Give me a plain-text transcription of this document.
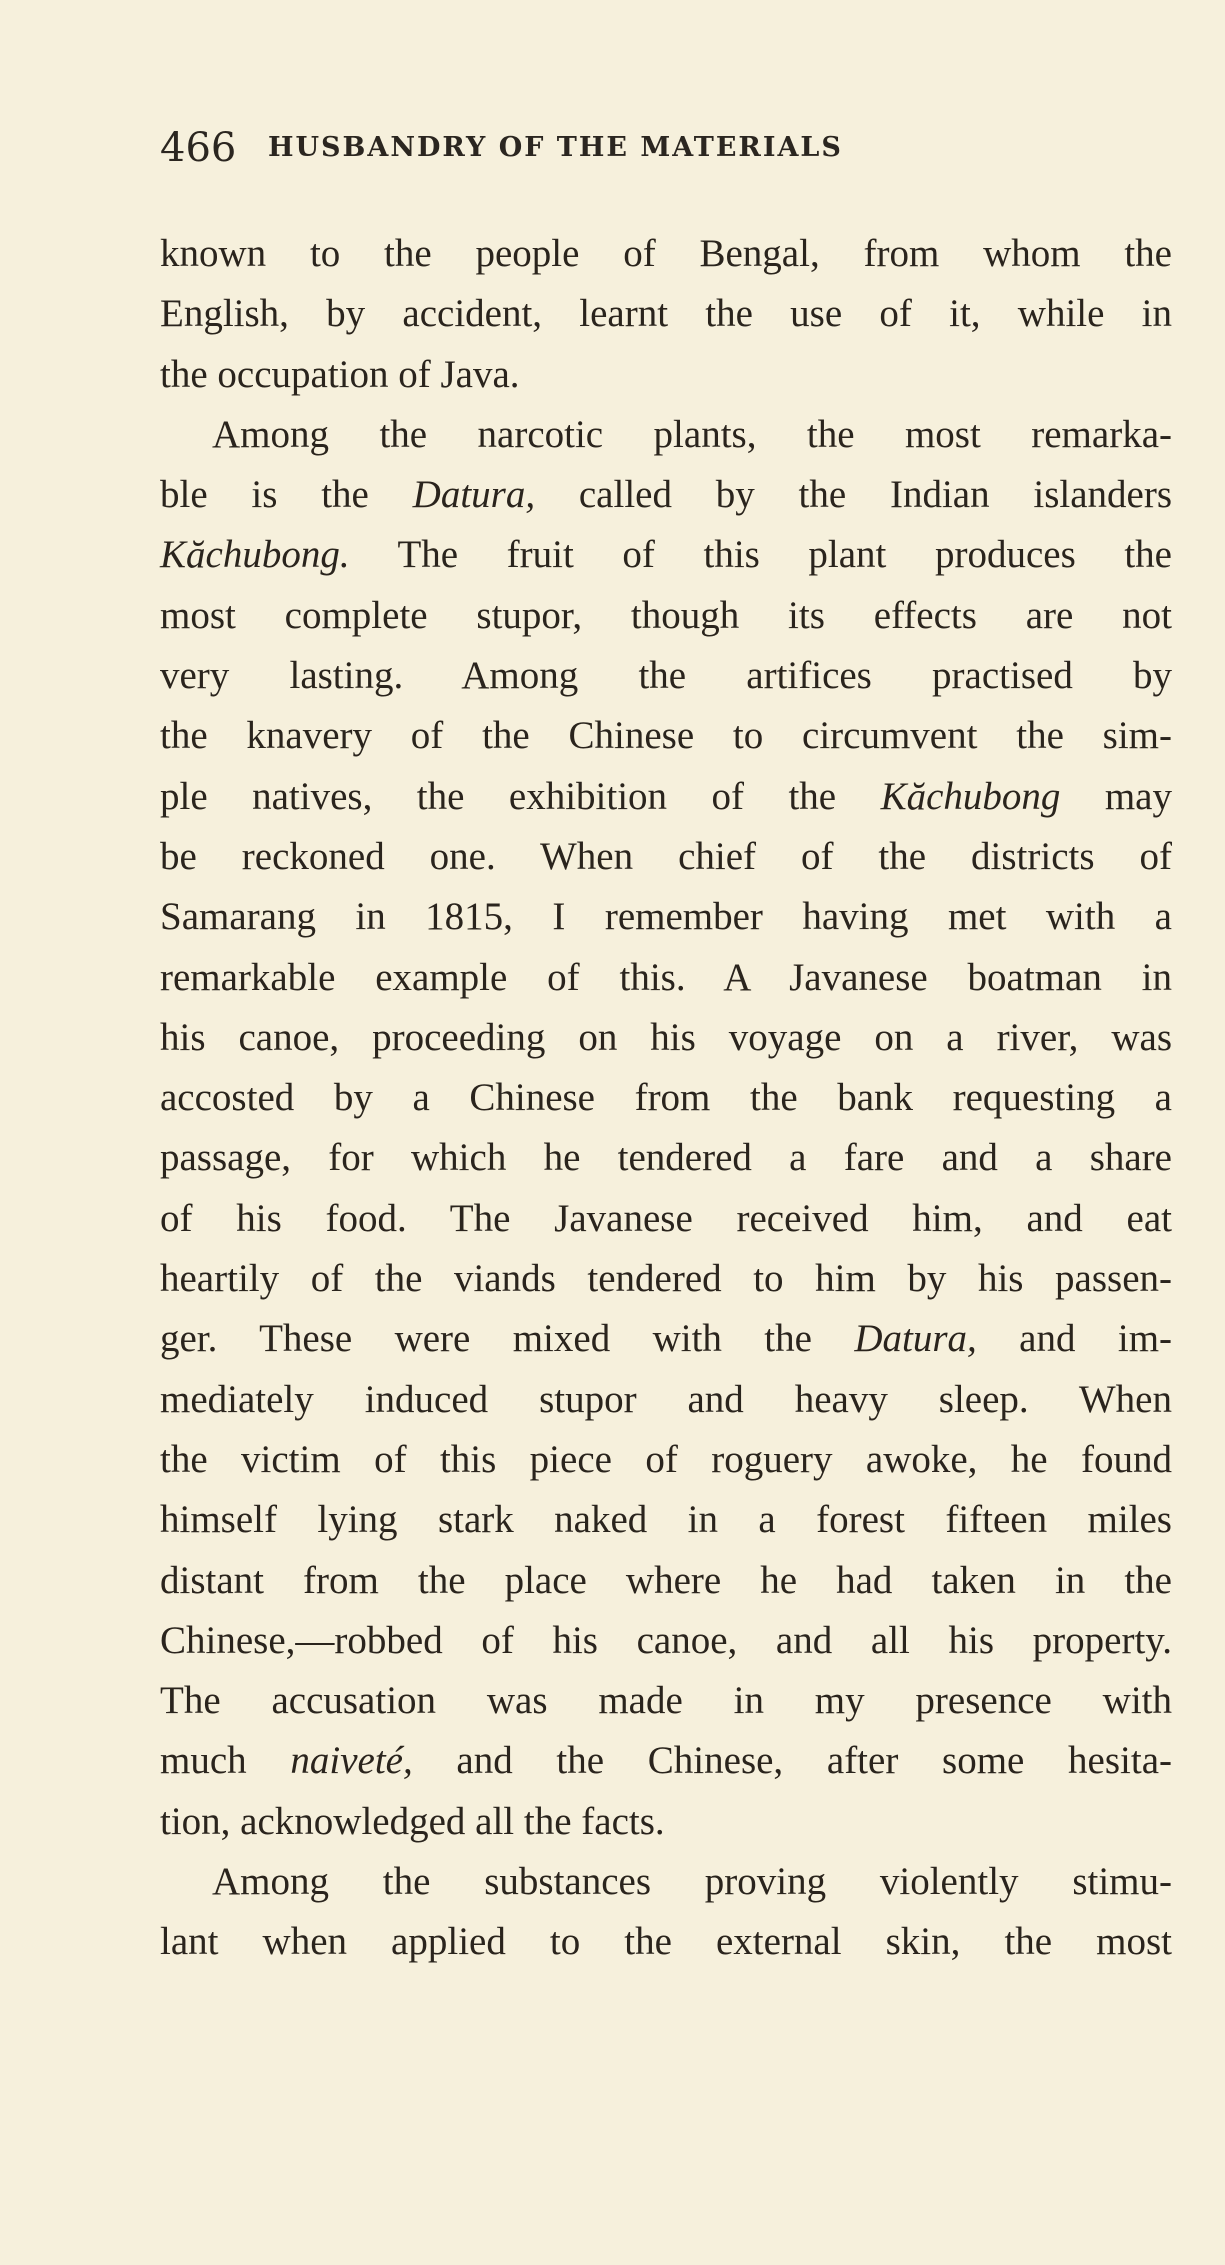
466 HUSBANDRY OF THE MATERIALS
known to the people of Bengal, from whom the
English, by accident, learnt the use of it, while in
the occupation of Java.
Among the narcotic plants, the most remarka-
ble is the Datura, called by the Indian islanders
Kăchubong. The fruit of this plant produces the
most complete stupor, though its effects are not
very lasting. Among the artifices practised by
the knavery of the Chinese to circumvent the sim-
ple natives, the exhibition of the Kăchubong may
be reckoned one. When chief of the districts of
Samarang in 1815, I remember having met with a
remarkable example of this. A Javanese boatman in
his canoe, proceeding on his voyage on a river, was
accosted by a Chinese from the bank requesting a
passage, for which he tendered a fare and a share
of his food. The Javanese received him, and eat
heartily of the viands tendered to him by his passen-
ger. These were mixed with the Datura, and im-
mediately induced stupor and heavy sleep. When
the victim of this piece of roguery awoke, he found
himself lying stark naked in a forest fifteen miles
distant from the place where he had taken in the
Chinese,—robbed of his canoe, and all his property.
The accusation was made in my presence with
much naiveté, and the Chinese, after some hesita-
tion, acknowledged all the facts.
Among the substances proving violently stimu-
lant when applied to the external skin, the most
